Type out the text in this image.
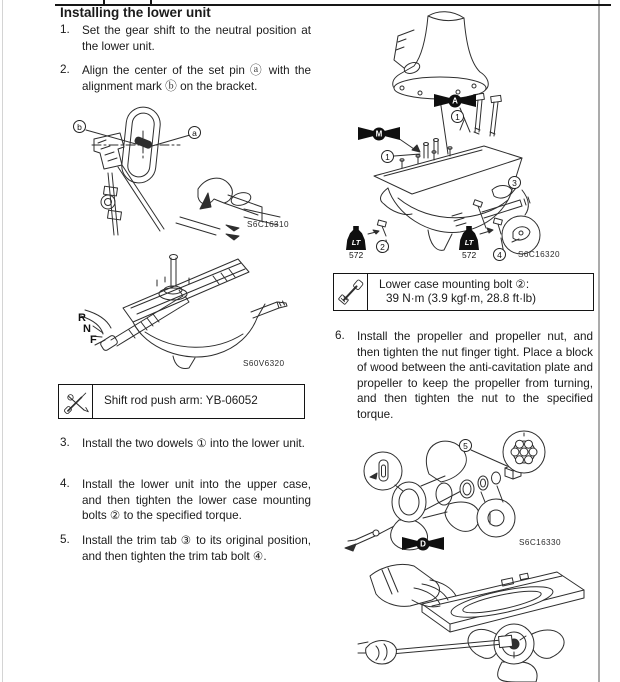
Installing the lower unit
1.	Set the gear shift to the neutral position at the lower unit.
2.	Align the center of the set pin ⓐ with the alignment mark ⓑ on the bracket.
b
a
S6C16310
R
N
F
S60V6320
Shift rod push arm: YB-06052
3.	Install the two dowels ① into the lower unit.
4.	Install the lower unit into the upper case, and then tighten the lower case mounting bolts ② to the specified torque.
5.	Install the trim tab ③ to its original position, and then tighten the trim tab bolt ④.
1
1
2
3
4
A
M
LT
572
LT
572	S6C16320
Lower case mounting bolt ②:
39 N·m (3.9 kgf·m, 28.8 ft·lb)
6.	Install the propeller and propeller nut, and then tighten the nut finger tight. Place a block of wood between the anti-cavitation plate and propeller to keep the propeller from turning, and then tighten the nut to the specified torque.
5
D	S6C16330
